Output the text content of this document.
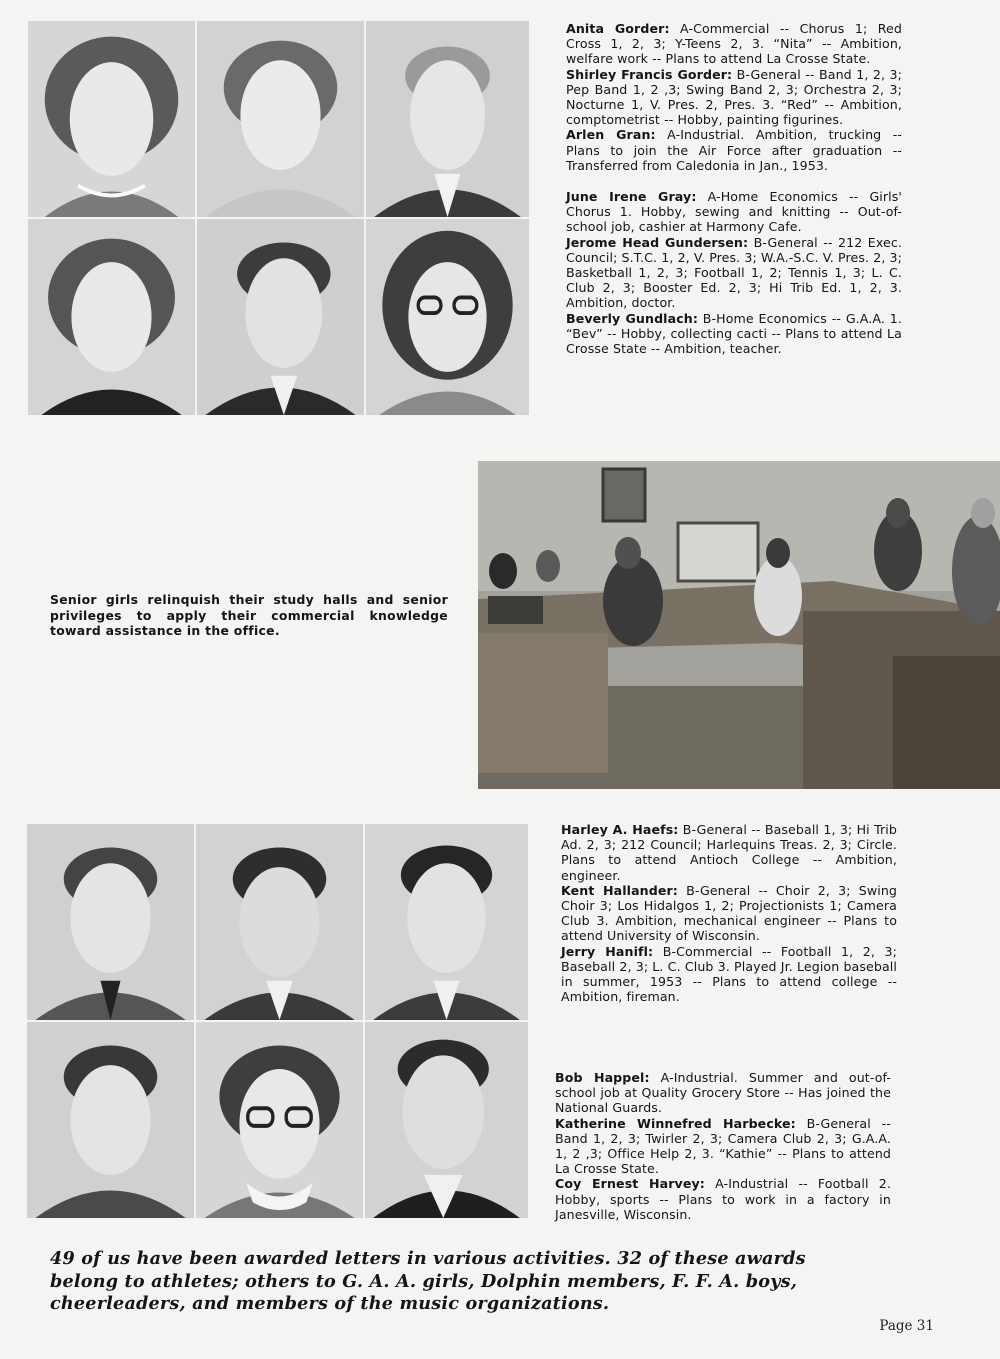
Anita Gorder: A-Commercial -- Chorus 1; Red Cross 1, 2, 3; Y-Teens 2, 3. “Nita” -- Ambition, welfare work -- Plans to attend La Crosse State.

Shirley Francis Gorder: B-General -- Band 1, 2, 3; Pep Band 1, 2 ,3; Swing Band 2, 3; Orchestra 2, 3; Nocturne 1, V. Pres. 2, Pres. 3. “Red” -- Ambition, comptometrist -- Hobby, painting figurines.

Arlen Gran: A-Industrial. Ambition, trucking -- Plans to join the Air Force after graduation -- Transferred from Caledonia in Jan., 1953.

June Irene Gray: A-Home Economics -- Girls' Chorus 1. Hobby, sewing and knitting -- Out-of-school job, cashier at Harmony Cafe.

Jerome Head Gundersen: B-General -- 212 Exec. Council; S.T.C. 1, 2, V. Pres. 3; W.A.-S.C. V. Pres. 2, 3; Basketball 1, 2, 3; Football 1, 2; Tennis 1, 3; L. C. Club 2, 3; Booster Ed. 2, 3; Hi Trib Ed. 1, 2, 3. Ambition, doctor.

Beverly Gundlach: B-Home Economics -- G.A.A. 1. “Bev” -- Hobby, collecting cacti -- Plans to attend La Crosse State -- Ambition, teacher.

Senior girls relinquish their study halls and senior privileges to apply their commercial knowledge toward assistance in the office.

Harley A. Haefs: B-General -- Baseball 1, 3; Hi Trib Ad. 2, 3; 212 Council; Harlequins Treas. 2, 3; Circle. Plans to attend Antioch College -- Ambition, engineer.

Kent Hallander: B-General -- Choir 2, 3; Swing Choir 3; Los Hidalgos 1, 2; Projectionists 1; Camera Club 3. Ambition, mechanical engineer -- Plans to attend University of Wisconsin.

Jerry Hanifl: B-Commercial -- Football 1, 2, 3; Baseball 2, 3; L. C. Club 3. Played Jr. Legion baseball in summer, 1953 -- Plans to attend college -- Ambition, fireman.

Bob Happel: A-Industrial. Summer and out-of-school job at Quality Grocery Store -- Has joined the National Guards.

Katherine Winnefred Harbecke: B-General -- Band 1, 2, 3; Twirler 2, 3; Camera Club 2, 3; G.A.A. 1, 2 ,3; Office Help 2, 3. “Kathie” -- Plans to attend La Crosse State.

Coy Ernest Harvey: A-Industrial -- Football 2. Hobby, sports -- Plans to work in a factory in Janesville, Wisconsin.

49 of us have been awarded letters in various activities. 32 of these awards belong to athletes; others to G. A. A. girls, Dolphin members, F. F. A. boys, cheerleaders, and members of the music organizations.
Page 31
